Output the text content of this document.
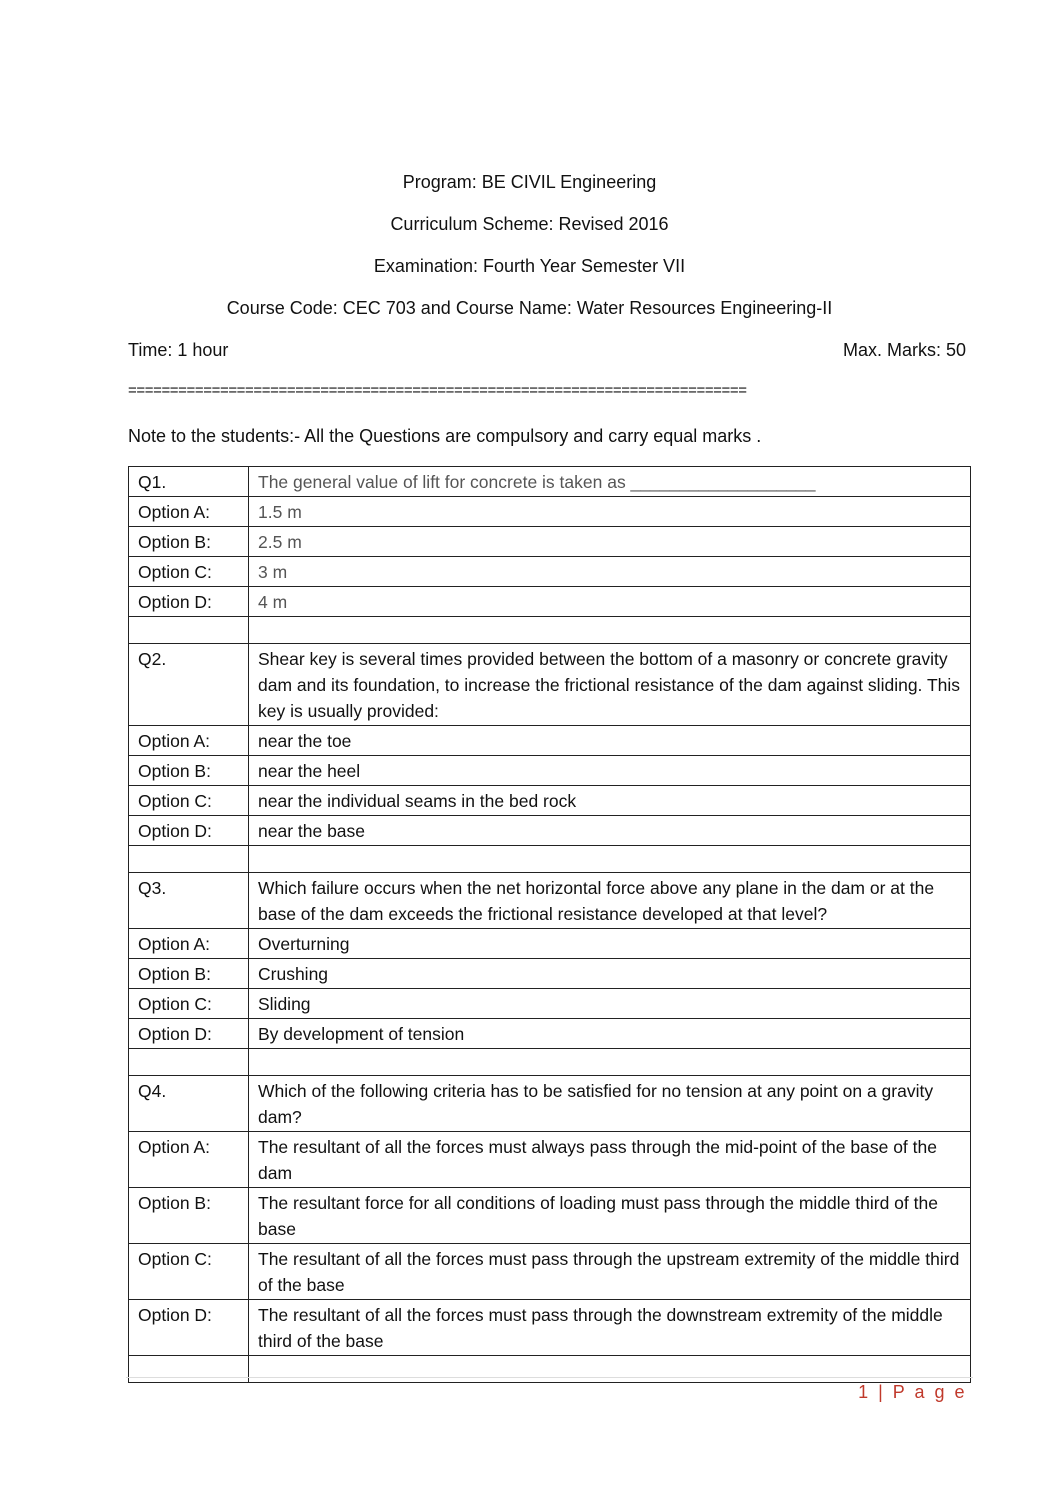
Program: BE CIVIL Engineering
Curriculum Scheme: Revised 2016
Examination: Fourth Year Semester VII
Course Code: CEC 703 and Course Name: Water Resources Engineering-II
Time: 1 hour	Max. Marks: 50
==========================================================================
Note to the students:- All the Questions are compulsory and carry equal marks .
Q1.	The general value of lift for concrete is taken as ___________________
Option A:	1.5 m
Option B:	2.5 m
Option C:	3 m
Option D:	4 m

Q2.	Shear key is several times provided between the bottom of a masonry or concrete gravity dam and its foundation, to increase the frictional resistance of the dam against sliding. This key is usually provided:
Option A:	near the toe
Option B:	near the heel
Option C:	near the individual seams in the bed rock
Option D:	near the base

Q3.	Which failure occurs when the net horizontal force above any plane in the dam or at the base of the dam exceeds the frictional resistance developed at that level?
Option A:	Overturning
Option B:	Crushing
Option C:	Sliding
Option D:	By development of tension

Q4.	Which of the following criteria has to be satisfied for no tension at any point on a gravity dam?
Option A:	The resultant of all the forces must always pass through the mid-point of the base of the dam
Option B:	The resultant force for all conditions of loading must pass through the middle third of the base
Option C:	The resultant of all the forces must pass through the upstream extremity of the middle third of the base
Option D:	The resultant of all the forces must pass through the downstream extremity of the middle third of the base

1 | P a g e
